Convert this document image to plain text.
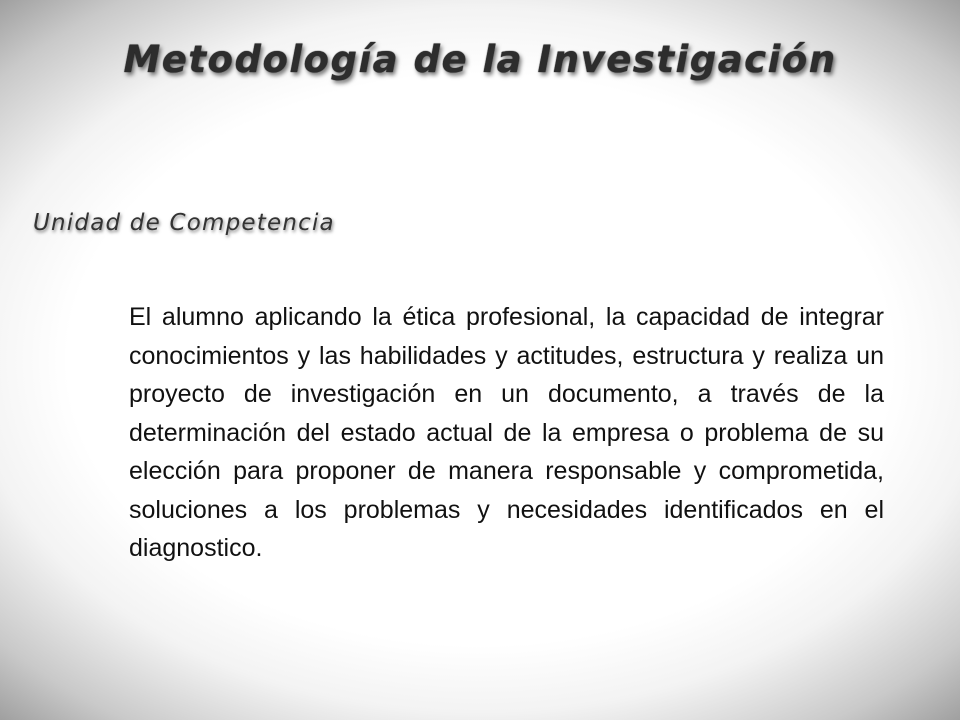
Metodología de la Investigación
Unidad de Competencia
El alumno aplicando la ética profesional, la capacidad de integrar conocimientos y las habilidades y actitudes, estructura y realiza un proyecto de investigación en un documento, a través de la determinación del estado actual de la empresa o problema de su elección para proponer de manera responsable y comprometida, soluciones a los problemas y necesidades identificados en el diagnostico.
